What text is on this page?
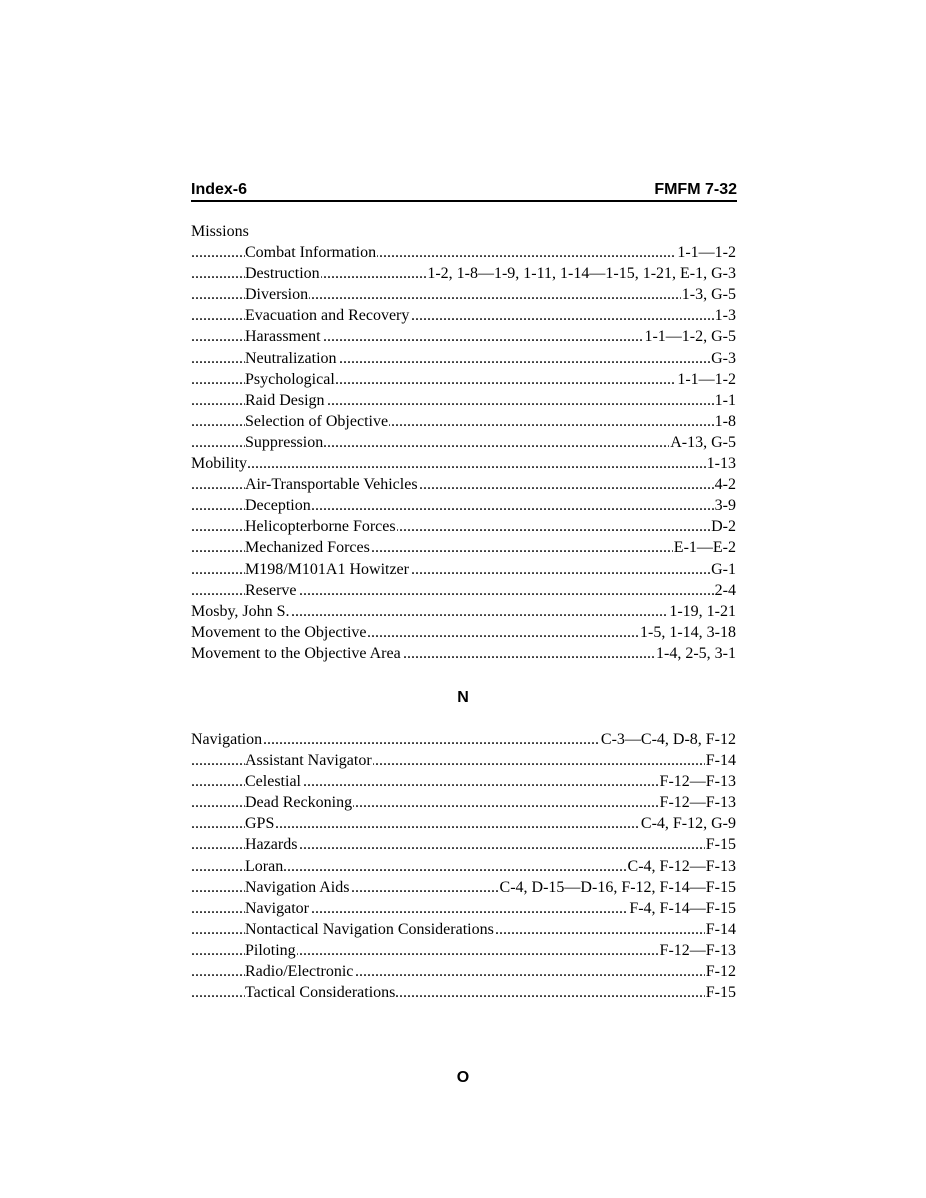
Index-6	FMFM 7-32
Missions
Combat Information	1-1—1-2
.....
Destruction	1-2, 1-8—1-9, 1-11, 1-14—1-15, 1-21, E-1, G-3
.....
Diversion	1-3, G-5
.....
Evacuation and Recovery	1-3
.....
Harassment	1-1—1-2, G-5
.....
Neutralization	G-3
.....
Psychological	1-1—1-2
.....
Raid Design	1-1
.....
Selection of Objective	1-8
.....
Suppression	A-13, G-5
.....
Mobility	1-13
.....
Air-Transportable Vehicles	4-2
.....
Deception	3-9
.....
Helicopterborne Forces	D-2
.....
Mechanized Forces	E-1—E-2
.....
M198/M101A1 Howitzer	G-1
.....
Reserve	2-4
.....
Mosby, John S.	1-19, 1-21
.....
Movement to the Objective	1-5, 1-14, 3-18
.....
Movement to the Objective Area	1-4, 2-5, 3-1
.....
N
Navigation	C-3—C-4, D-8, F-12
.....
Assistant Navigator	F-14
.....
Celestial	F-12—F-13
.....
Dead Reckoning	F-12—F-13
.....
GPS	C-4, F-12, G-9
.....
Hazards	F-15
.....
Loran	C-4, F-12—F-13
.....
Navigation Aids	C-4, D-15—D-16, F-12, F-14—F-15
.....
Navigator	F-4, F-14—F-15
.....
Nontactical Navigation Considerations	F-14
.....
Piloting	F-12—F-13
.....
Radio/Electronic	F-12
.....
Tactical Considerations	F-15
.....
O
